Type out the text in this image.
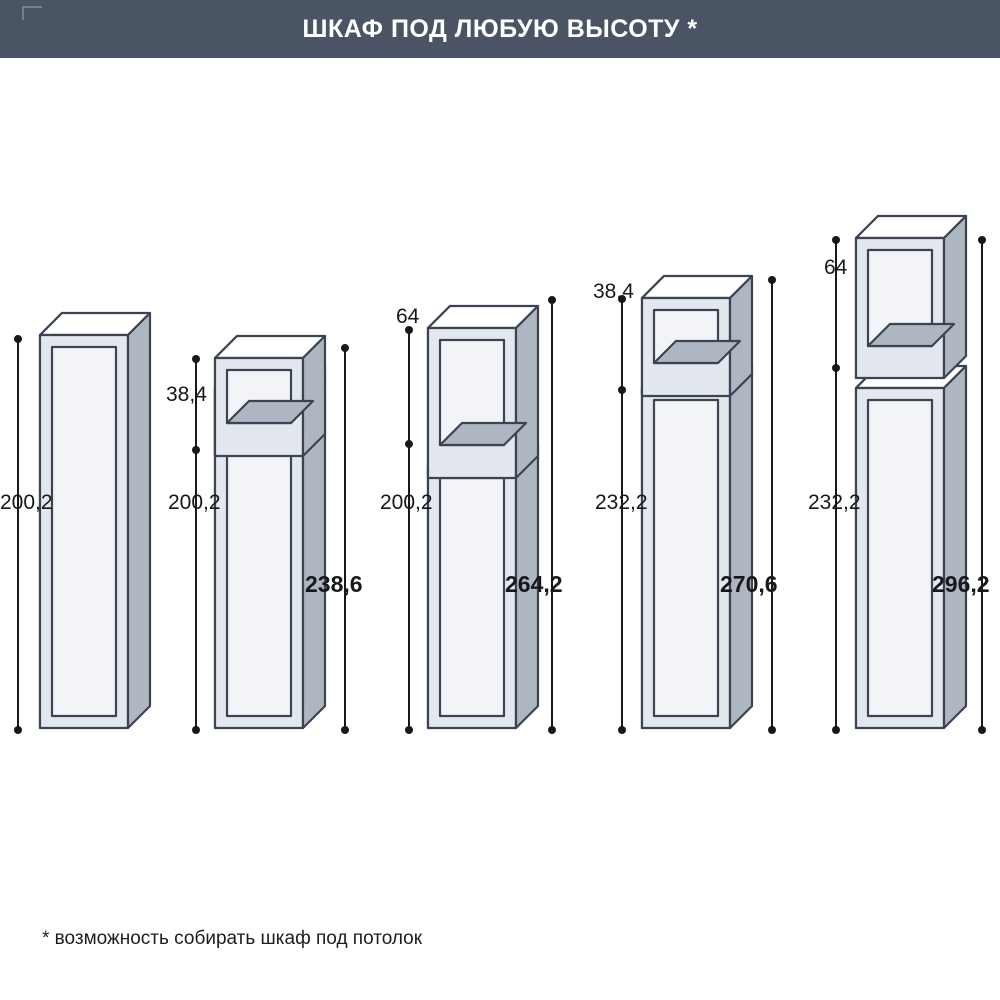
ШКАФ ПОД ЛЮБУЮ ВЫСОТУ *
200,2	200,2
38,4
238,6
200,2
64
264,2
232,2
38,4
270,6
232,2
64
296,2
* возможность собирать шкаф под потолок
